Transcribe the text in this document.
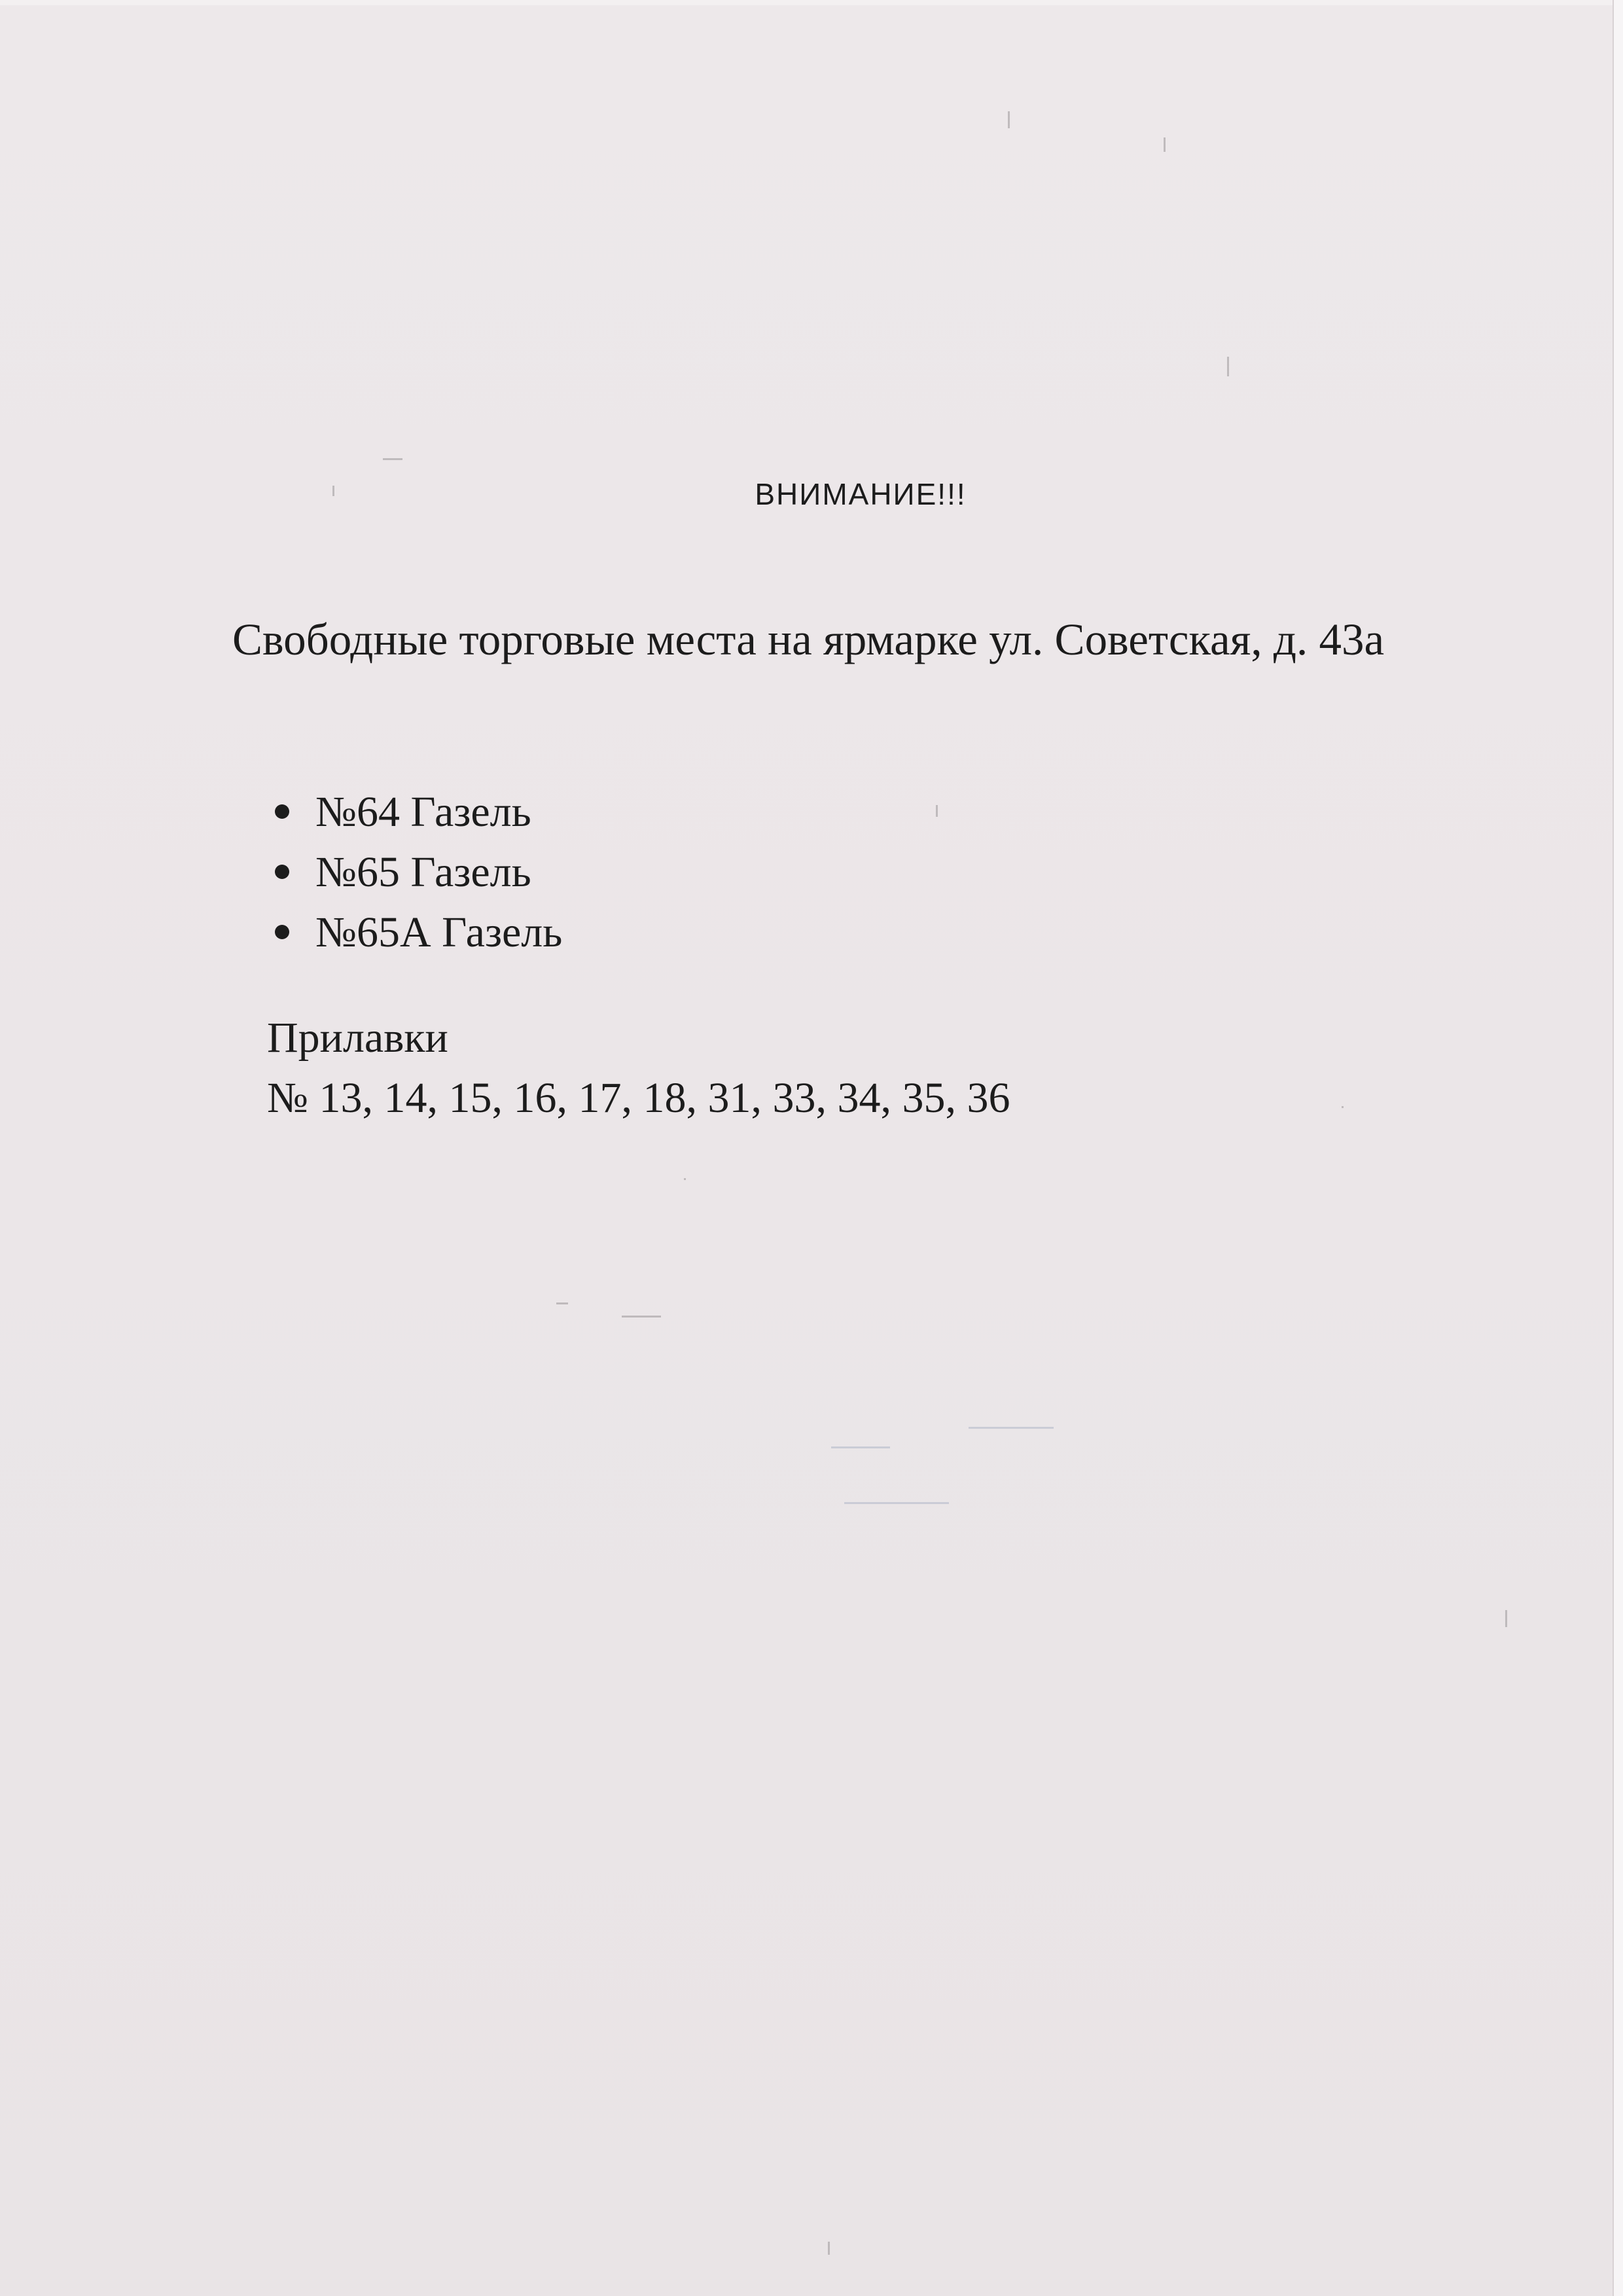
ВНИМАНИЕ!!!
Свободные торговые места на ярмарке ул. Советская, д. 43а
№64 Газель
№65 Газель
№65А Газель
Прилавки
№ 13, 14, 15, 16, 17, 18, 31, 33, 34, 35, 36
